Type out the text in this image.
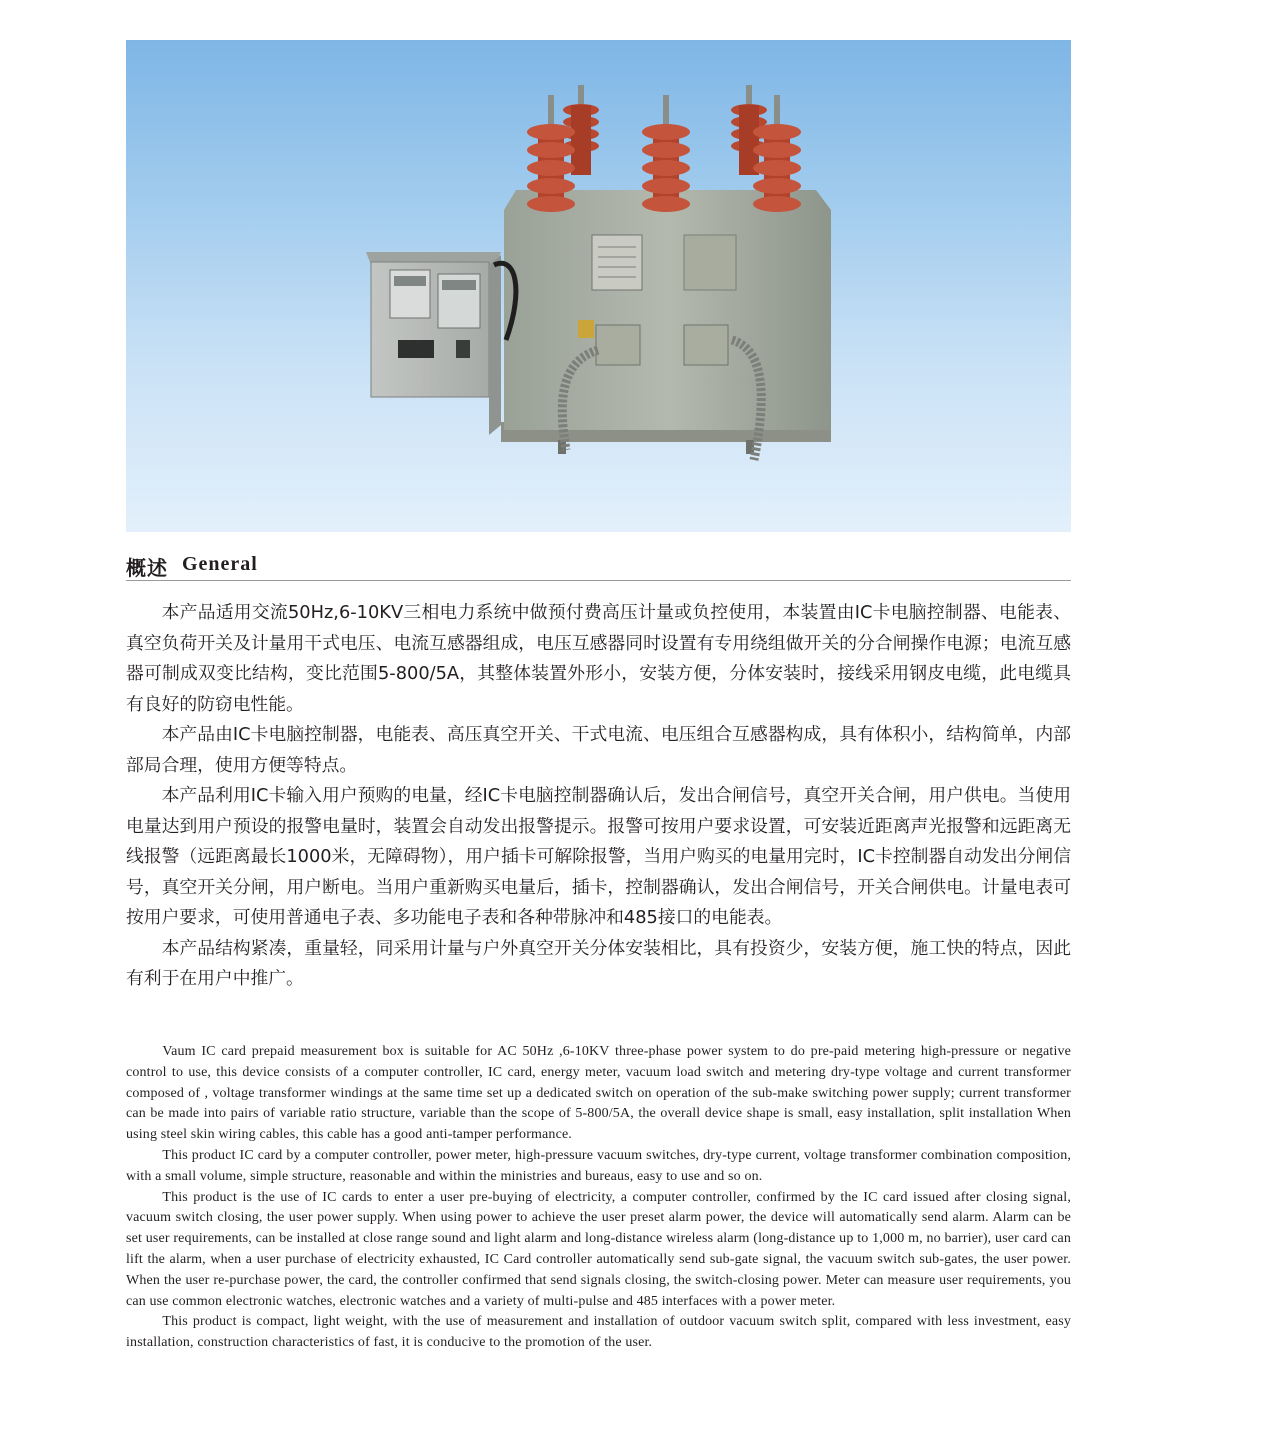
概述 General

本产品适用交流50Hz,6-10KV三相电力系统中做预付费高压计量或负控使用，本装置由IC卡电脑控制器、电能表、真空负荷开关及计量用干式电压、电流互感器组成，电压互感器同时设置有专用绕组做开关的分合闸操作电源；电流互感器可制成双变比结构，变比范围5-800/5A，其整体装置外形小，安装方便，分体安装时，接线采用钢皮电缆，此电缆具有良好的防窃电性能。

本产品由IC卡电脑控制器，电能表、高压真空开关、干式电流、电压组合互感器构成，具有体积小，结构简单，内部部局合理，使用方便等特点。

本产品利用IC卡输入用户预购的电量，经IC卡电脑控制器确认后，发出合闸信号，真空开关合闸，用户供电。当使用电量达到用户预设的报警电量时，装置会自动发出报警提示。报警可按用户要求设置，可安装近距离声光报警和远距离无线报警（远距离最长1000米，无障碍物），用户插卡可解除报警，当用户购买的电量用完时，IC卡控制器自动发出分闸信号，真空开关分闸，用户断电。当用户重新购买电量后，插卡，控制器确认，发出合闸信号，开关合闸供电。计量电表可按用户要求，可使用普通电子表、多功能电子表和各种带脉冲和485接口的电能表。

本产品结构紧凑，重量轻，同采用计量与户外真空开关分体安装相比，具有投资少，安装方便，施工快的特点，因此有利于在用户中推广。

Vaum IC card prepaid measurement box is suitable for AC 50Hz ,6-10KV three-phase power system to do pre-paid metering high-pressure or negative control to use, this device consists of a computer controller, IC card, energy meter, vacuum load switch and metering dry-type voltage and current transformer composed of , voltage transformer windings at the same time set up a dedicated switch on operation of the sub-make switching power supply; current transformer can be made into pairs of variable ratio structure, variable than the scope of 5-800/5A, the overall device shape is small, easy installation, split installation When using steel skin wiring cables, this cable has a good anti-tamper performance.

This product IC card by a computer controller, power meter, high-pressure vacuum switches, dry-type current, voltage transformer combination composition, with a small volume, simple structure, reasonable and within the ministries and bureaus, easy to use and so on.

This product is the use of IC cards to enter a user pre-buying of electricity, a computer controller, confirmed by the IC card issued after closing signal, vacuum switch closing, the user power supply. When using power to achieve the user preset alarm power, the device will automatically send alarm. Alarm can be set user requirements, can be installed at close range sound and light alarm and long-distance wireless alarm (long-distance up to 1,000 m, no barrier), user card can lift the alarm, when a user purchase of electricity exhausted, IC Card controller automatically send sub-gate signal, the vacuum switch sub-gates, the user power. When the user re-purchase power, the card, the controller confirmed that send signals closing, the switch-closing power. Meter can measure user requirements, you can use common electronic watches, electronic watches and a variety of multi-pulse and 485 interfaces with a power meter.

This product is compact, light weight, with the use of measurement and installation of outdoor vacuum switch split, compared with less investment, easy installation, construction characteristics of fast, it is conducive to the promotion of the user.
